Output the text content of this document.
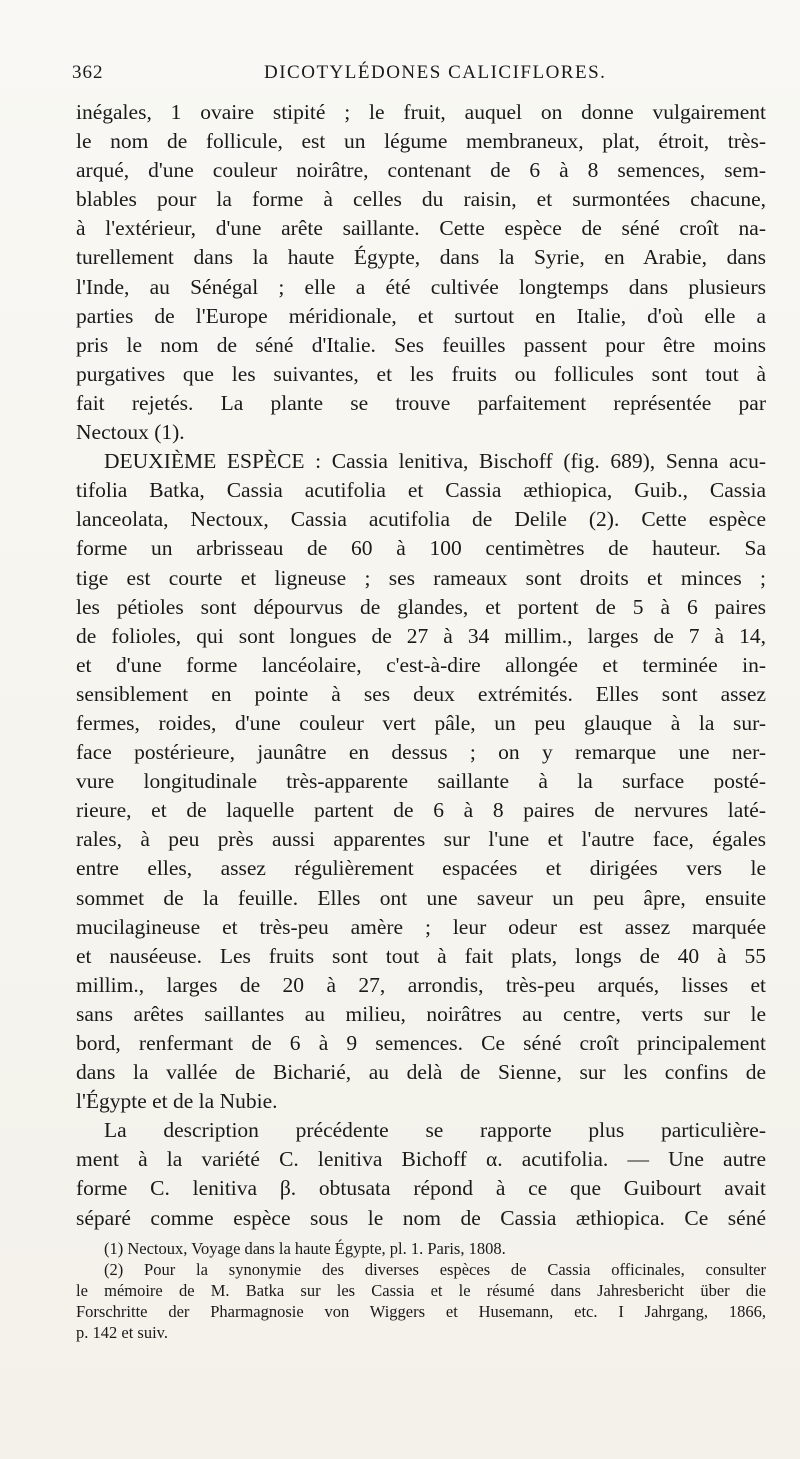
362	DICOTYLÉDONES CALICIFLORES.
inégales, 1 ovaire stipité ; le fruit, auquel on donne vulgairement
le nom de follicule, est un légume membraneux, plat, étroit, très-
arqué, d'une couleur noirâtre, contenant de 6 à 8 semences, sem-
blables pour la forme à celles du raisin, et surmontées chacune,
à l'extérieur, d'une arête saillante. Cette espèce de séné croît na-
turellement dans la haute Égypte, dans la Syrie, en Arabie, dans
l'Inde, au Sénégal ; elle a été cultivée longtemps dans plusieurs
parties de l'Europe méridionale, et surtout en Italie, d'où elle a
pris le nom de séné d'Italie. Ses feuilles passent pour être moins
purgatives que les suivantes, et les fruits ou follicules sont tout à
fait rejetés. La plante se trouve parfaitement représentée par
Nectoux (1).
DEUXIÈME ESPÈCE : Cassia lenitiva, Bischoff (fig. 689), Senna acu-
tifolia Batka, Cassia acutifolia et Cassia æthiopica, Guib., Cassia
lanceolata, Nectoux, Cassia acutifolia de Delile (2). Cette espèce
forme un arbrisseau de 60 à 100 centimètres de hauteur. Sa
tige est courte et ligneuse ; ses rameaux sont droits et minces ;
les pétioles sont dépourvus de glandes, et portent de 5 à 6 paires
de folioles, qui sont longues de 27 à 34 millim., larges de 7 à 14,
et d'une forme lancéolaire, c'est-à-dire allongée et terminée in-
sensiblement en pointe à ses deux extrémités. Elles sont assez
fermes, roides, d'une couleur vert pâle, un peu glauque à la sur-
face postérieure, jaunâtre en dessus ; on y remarque une ner-
vure longitudinale très-apparente saillante à la surface posté-
rieure, et de laquelle partent de 6 à 8 paires de nervures laté-
rales, à peu près aussi apparentes sur l'une et l'autre face, égales
entre elles, assez régulièrement espacées et dirigées vers le
sommet de la feuille. Elles ont une saveur un peu âpre, ensuite
mucilagineuse et très-peu amère ; leur odeur est assez marquée
et nauséeuse. Les fruits sont tout à fait plats, longs de 40 à 55
millim., larges de 20 à 27, arrondis, très-peu arqués, lisses et
sans arêtes saillantes au milieu, noirâtres au centre, verts sur le
bord, renfermant de 6 à 9 semences. Ce séné croît principalement
dans la vallée de Bicharié, au delà de Sienne, sur les confins de
l'Égypte et de la Nubie.
La description précédente se rapporte plus particulière-
ment à la variété C. lenitiva Bichoff α. acutifolia. — Une autre
forme C. lenitiva β. obtusata répond à ce que Guibourt avait
séparé comme espèce sous le nom de Cassia æthiopica. Ce séné
(1) Nectoux, Voyage dans la haute Égypte, pl. 1. Paris, 1808.
(2) Pour la synonymie des diverses espèces de Cassia officinales, consulter
le mémoire de M. Batka sur les Cassia et le résumé dans Jahresbericht über die
Forschritte der Pharmagnosie von Wiggers et Husemann, etc. I Jahrgang, 1866,
p. 142 et suiv.
